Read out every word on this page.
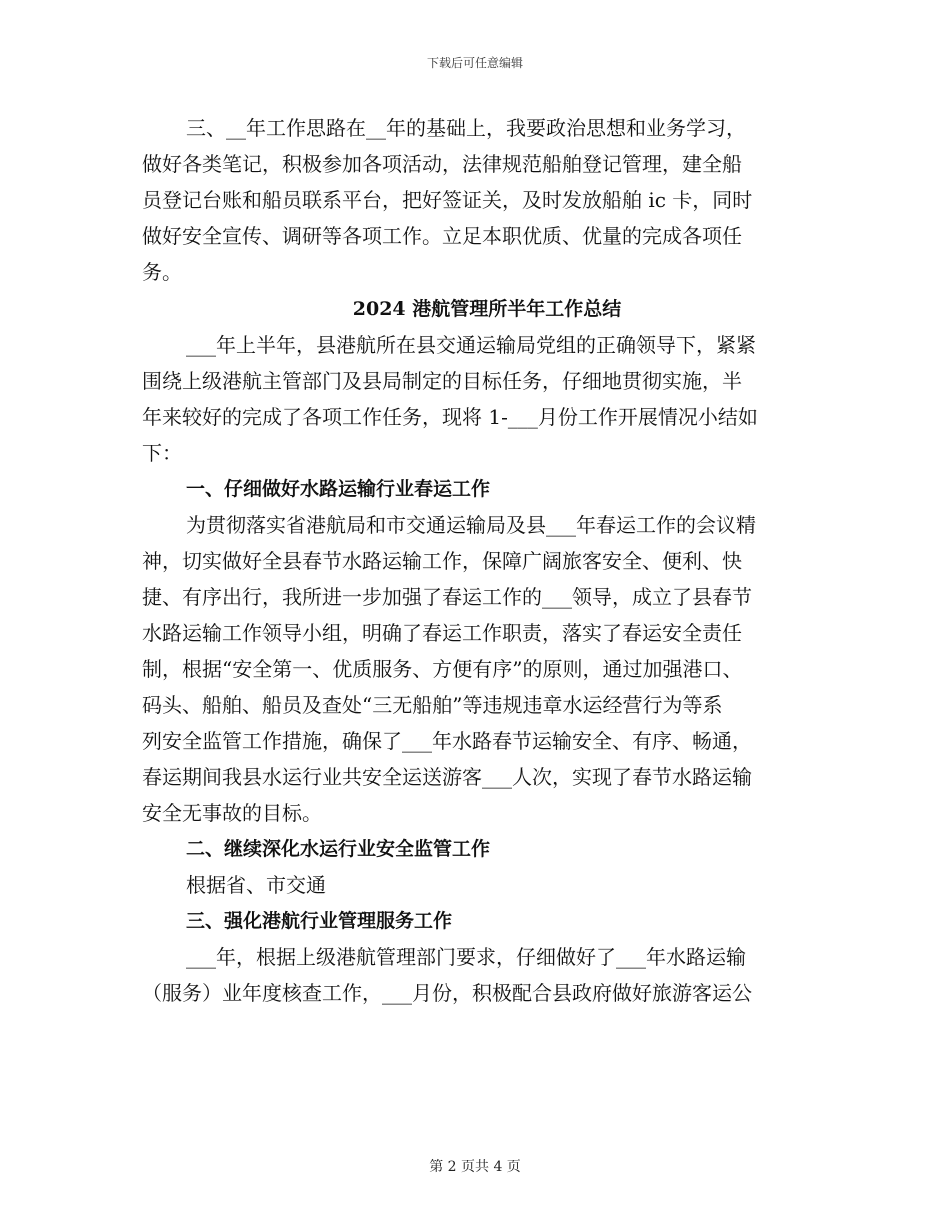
下载后可任意编辑
三、__年工作思路在__年的基础上，我要政治思想和业务学习，
做好各类笔记，积极参加各项活动，法律规范船舶登记管理，建全船
员登记台账和船员联系平台，把好签证关，及时发放船舶 ic 卡，同时
做好安全宣传、调研等各项工作。立足本职优质、优量的完成各项任
务。
2024 港航管理所半年工作总结
___年上半年，县港航所在县交通运输局党组的正确领导下，紧紧
围绕上级港航主管部门及县局制定的目标任务，仔细地贯彻实施，半
年来较好的完成了各项工作任务，现将 1-___月份工作开展情况小结如
下：
一、仔细做好水路运输行业春运工作
为贯彻落实省港航局和市交通运输局及县___年春运工作的会议精
神，切实做好全县春节水路运输工作，保障广阔旅客安全、便利、快
捷、有序出行，我所进一步加强了春运工作的___领导，成立了县春节
水路运输工作领导小组，明确了春运工作职责，落实了春运安全责任
制，根据“安全第一、优质服务、方便有序”的原则，通过加强港口、
码头、船舶、船员及查处“三无船舶”等违规违章水运经营行为等系
列安全监管工作措施，确保了___年水路春节运输安全、有序、畅通，
春运期间我县水运行业共安全运送游客___人次，实现了春节水路运输
安全无事故的目标。
二、继续深化水运行业安全监管工作
根据省、市交通
三、强化港航行业管理服务工作
___年，根据上级港航管理部门要求，仔细做好了___年水路运输
（服务）业年度核查工作，___月份，积极配合县政府做好旅游客运公
第 2 页共 4 页
